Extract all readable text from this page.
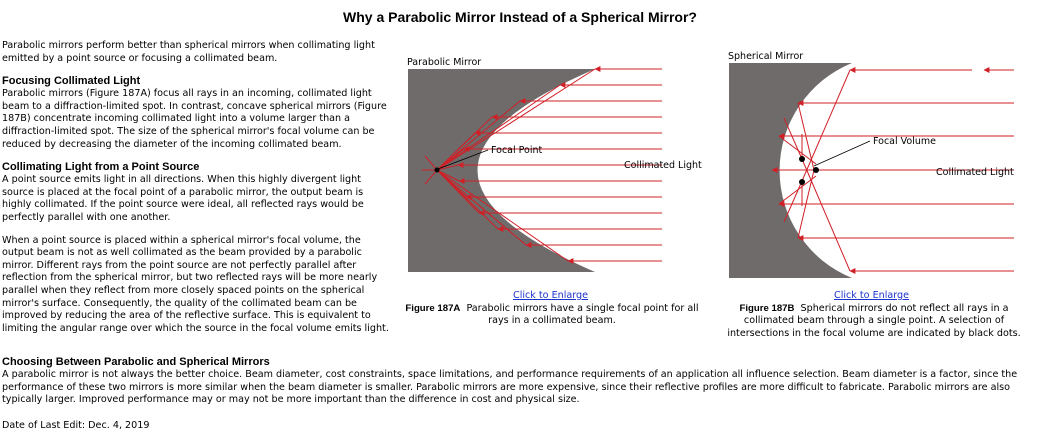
Why a Parabolic Mirror Instead of a Spherical Mirror?

Parabolic mirrors perform better than spherical mirrors when collimating light emitted by a point source or focusing a collimated beam.

Focusing Collimated Light

Parabolic mirrors (Figure 187A) focus all rays in an incoming, collimated light beam to a diffraction-limited spot. In contrast, concave spherical mirrors (Figure 187B) concentrate incoming collimated light into a volume larger than a diffraction-limited spot. The size of the spherical mirror's focal volume can be reduced by decreasing the diameter of the incoming collimated beam.

Collimating Light from a Point Source

A point source emits light in all directions. When this highly divergent light source is placed at the focal point of a parabolic mirror, the output beam is highly collimated. If the point source were ideal, all reflected rays would be perfectly parallel with one another.

When a point source is placed within a spherical mirror's focal volume, the output beam is not as well collimated as the beam provided by a parabolic mirror. Different rays from the point source are not perfectly parallel after reflection from the spherical mirror, but two reflected rays will be more nearly parallel when they reflect from more closely spaced points on the spherical mirror's surface. Consequently, the quality of the collimated beam can be improved by reducing the area of the reflective surface. This is equivalent to limiting the angular range over which the source in the focal volume emits light.

Parabolic Mirror
Focal Point
Collimated Light
Click to Enlarge
Figure 187A Parabolic mirrors have a single focal point for all rays in a collimated beam.
Spherical Mirror
Focal Volume
Collimated Light
Click to Enlarge
Figure 187B Spherical mirrors do not reflect all rays in a collimated beam through a single point. A selection of intersections in the focal volume are indicated by black dots.
Choosing Between Parabolic and Spherical Mirrors

A parabolic mirror is not always the better choice. Beam diameter, cost constraints, space limitations, and performance requirements of an application all influence selection. Beam diameter is a factor, since the performance of these two mirrors is more similar when the beam diameter is smaller. Parabolic mirrors are more expensive, since their reflective profiles are more difficult to fabricate. Parabolic mirrors are also typically larger. Improved performance may or may not be more important than the difference in cost and physical size.

Date of Last Edit: Dec. 4, 2019
